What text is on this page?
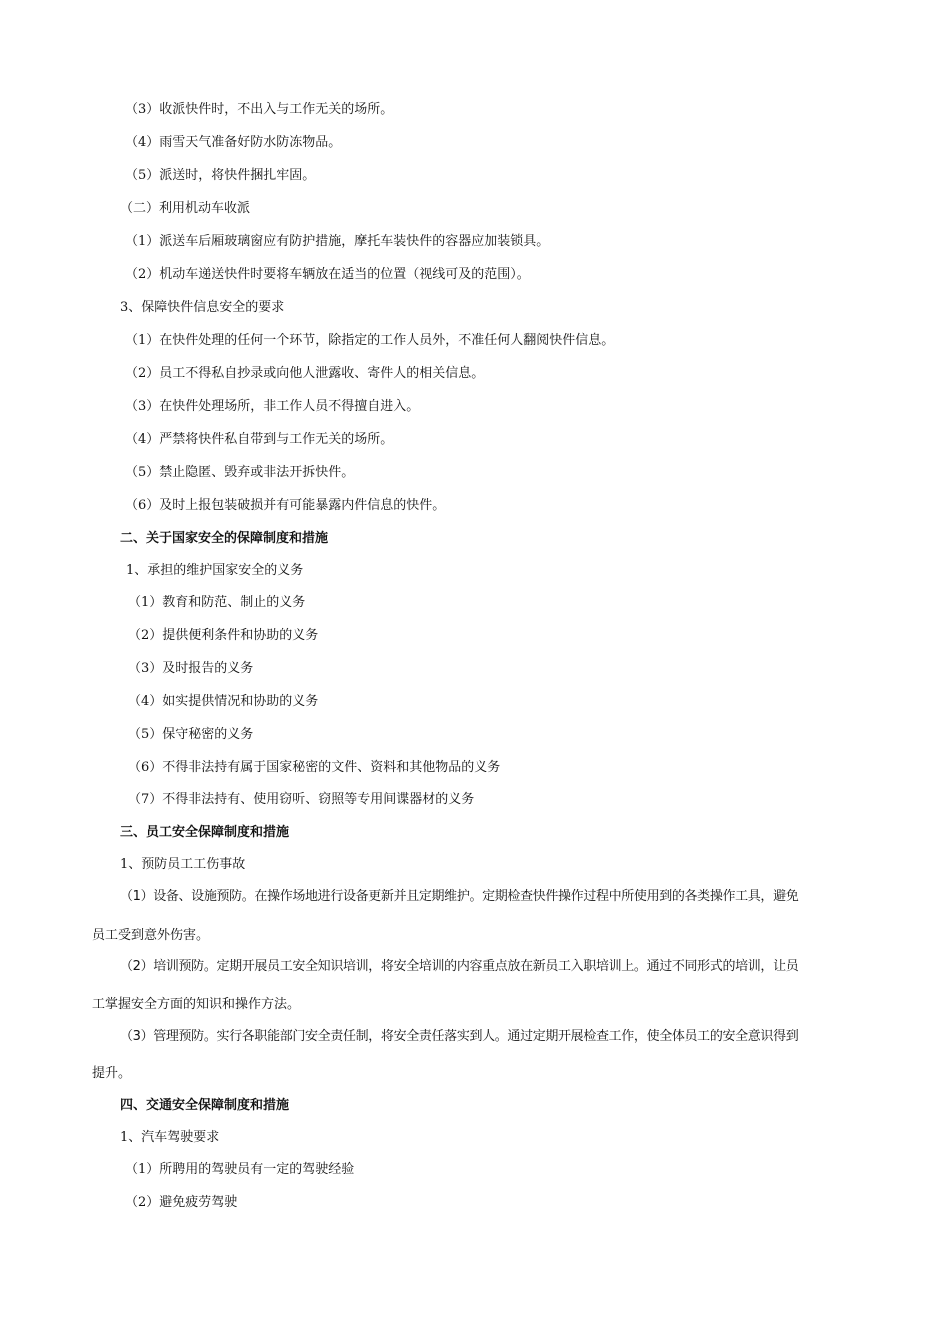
（3）收派快件时，不出入与工作无关的场所。
（4）雨雪天气准备好防水防冻物品。
（5）派送时，将快件捆扎牢固。
（二）利用机动车收派
（1）派送车后厢玻璃窗应有防护措施，摩托车装快件的容器应加装锁具。
（2）机动车递送快件时要将车辆放在适当的位置（视线可及的范围）。
3、保障快件信息安全的要求
（1）在快件处理的任何一个环节，除指定的工作人员外，不准任何人翻阅快件信息。
（2）员工不得私自抄录或向他人泄露收、寄件人的相关信息。
（3）在快件处理场所，非工作人员不得擅自进入。
（4）严禁将快件私自带到与工作无关的场所。
（5）禁止隐匿、毁弃或非法开拆快件。
（6）及时上报包装破损并有可能暴露内件信息的快件。
二、关于国家安全的保障制度和措施
1、承担的维护国家安全的义务
（1）教育和防范、制止的义务
（2）提供便利条件和协助的义务
（3）及时报告的义务
（4）如实提供情况和协助的义务
（5）保守秘密的义务
（6）不得非法持有属于国家秘密的文件、资料和其他物品的义务
（7）不得非法持有、使用窃听、窃照等专用间谍器材的义务
三、员工安全保障制度和措施
1、预防员工工伤事故
（1）设备、设施预防。在操作场地进行设备更新并且定期维护。定期检查快件操作过程中所使用到的各类操作工具，避免
员工受到意外伤害。
（2）培训预防。定期开展员工安全知识培训，将安全培训的内容重点放在新员工入职培训上。通过不同形式的培训，让员
工掌握安全方面的知识和操作方法。
（3）管理预防。实行各职能部门安全责任制，将安全责任落实到人。通过定期开展检查工作，使全体员工的安全意识得到
提升。
四、交通安全保障制度和措施
1、汽车驾驶要求
（1）所聘用的驾驶员有一定的驾驶经验
（2）避免疲劳驾驶
